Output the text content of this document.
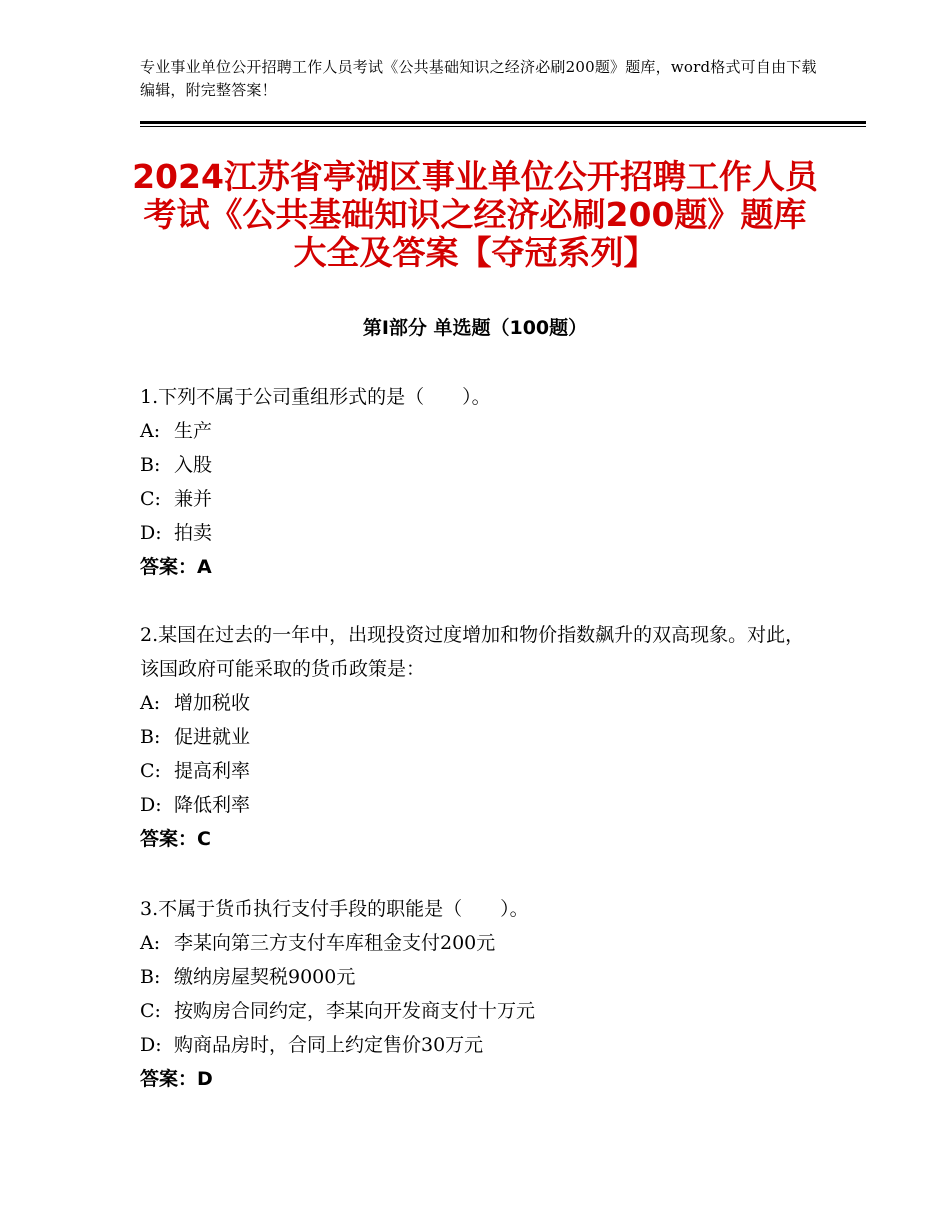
专业事业单位公开招聘工作人员考试《公共基础知识之经济必刷200题》题库，word格式可自由下载编辑，附完整答案！
2024江苏省亭湖区事业单位公开招聘工作人员考试《公共基础知识之经济必刷200题》题库大全及答案【夺冠系列】
第Ⅰ部分 单选题（100题）

1.下列不属于公司重组形式的是（　　）。

A: 生产

B: 入股

C: 兼并

D: 拍卖

答案：A

2.某国在过去的一年中，出现投资过度增加和物价指数飙升的双高现象。对此，该国政府可能采取的货币政策是：

A: 增加税收

B: 促进就业

C: 提高利率

D: 降低利率

答案：C

3.不属于货币执行支付手段的职能是（　　）。

A: 李某向第三方支付车库租金支付200元

B: 缴纳房屋契税9000元

C: 按购房合同约定，李某向开发商支付十万元

D: 购商品房时，合同上约定售价30万元

答案：D
